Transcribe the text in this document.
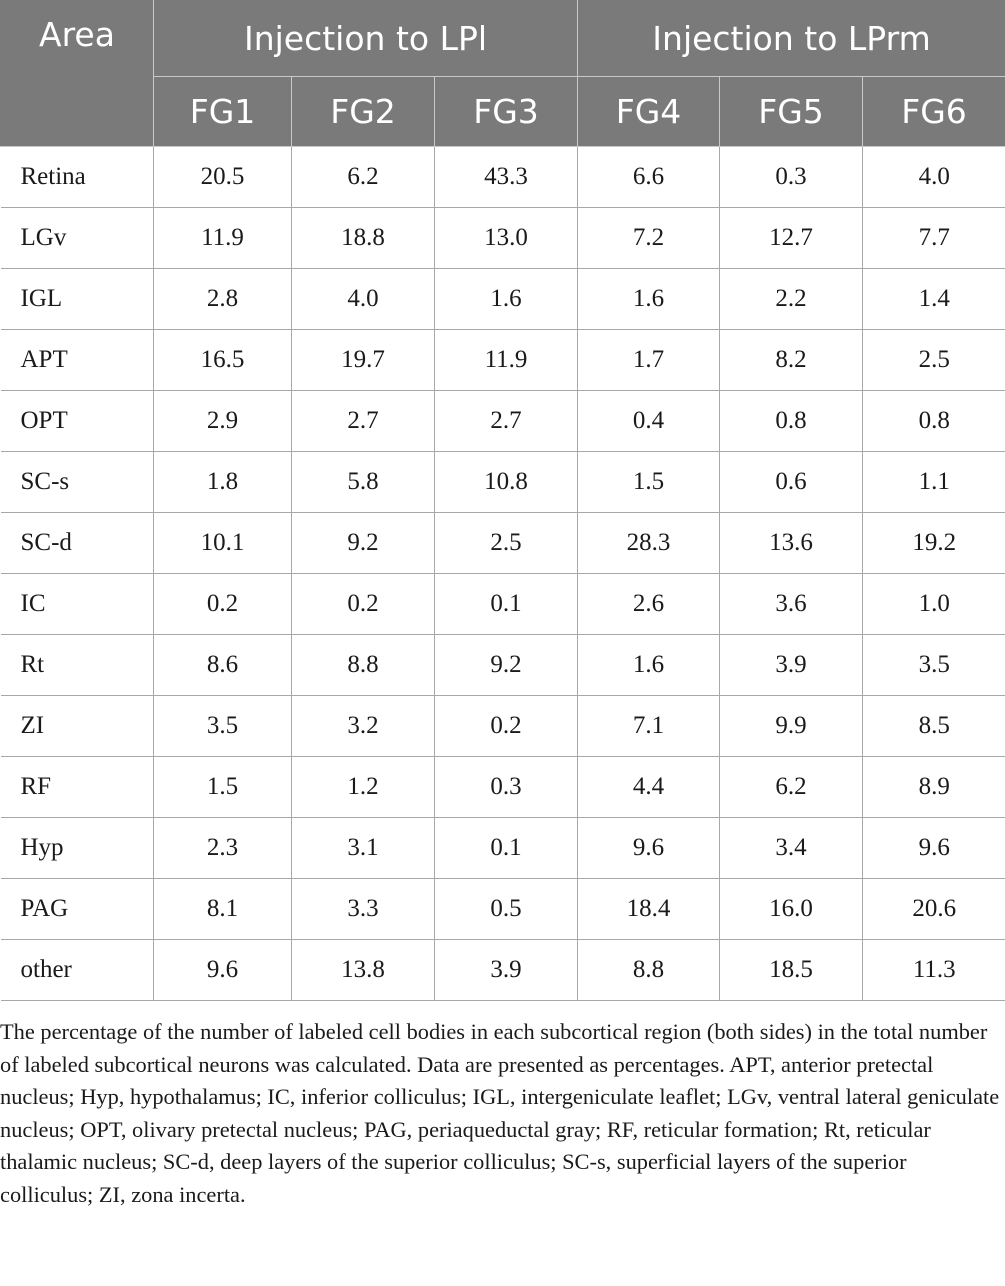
Area	Injection to LPl			Injection to LPrm		
	FG1	FG2	FG3	FG4	FG5	FG6
Retina	20.5	6.2	43.3	6.6	0.3	4.0
LGv	11.9	18.8	13.0	7.2	12.7	7.7
IGL	2.8	4.0	1.6	1.6	2.2	1.4
APT	16.5	19.7	11.9	1.7	8.2	2.5
OPT	2.9	2.7	2.7	0.4	0.8	0.8
SC-s	1.8	5.8	10.8	1.5	0.6	1.1
SC-d	10.1	9.2	2.5	28.3	13.6	19.2
IC	0.2	0.2	0.1	2.6	3.6	1.0
Rt	8.6	8.8	9.2	1.6	3.9	3.5
ZI	3.5	3.2	0.2	7.1	9.9	8.5
RF	1.5	1.2	0.3	4.4	6.2	8.9
Hyp	2.3	3.1	0.1	9.6	3.4	9.6
PAG	8.1	3.3	0.5	18.4	16.0	20.6
other	9.6	13.8	3.9	8.8	18.5	11.3

The percentage of the number of labeled cell bodies in each subcortical region (both sides) in the total number of labeled subcortical neurons was calculated. Data are presented as percentages. APT, anterior pretectal nucleus; Hyp, hypothalamus; IC, inferior colliculus; IGL, intergeniculate leaflet; LGv, ventral lateral geniculate nucleus; OPT, olivary pretectal nucleus; PAG, periaqueductal gray; RF, reticular formation; Rt, reticular thalamic nucleus; SC-d, deep layers of the superior colliculus; SC-s, superficial layers of the superior colliculus; ZI, zona incerta.
